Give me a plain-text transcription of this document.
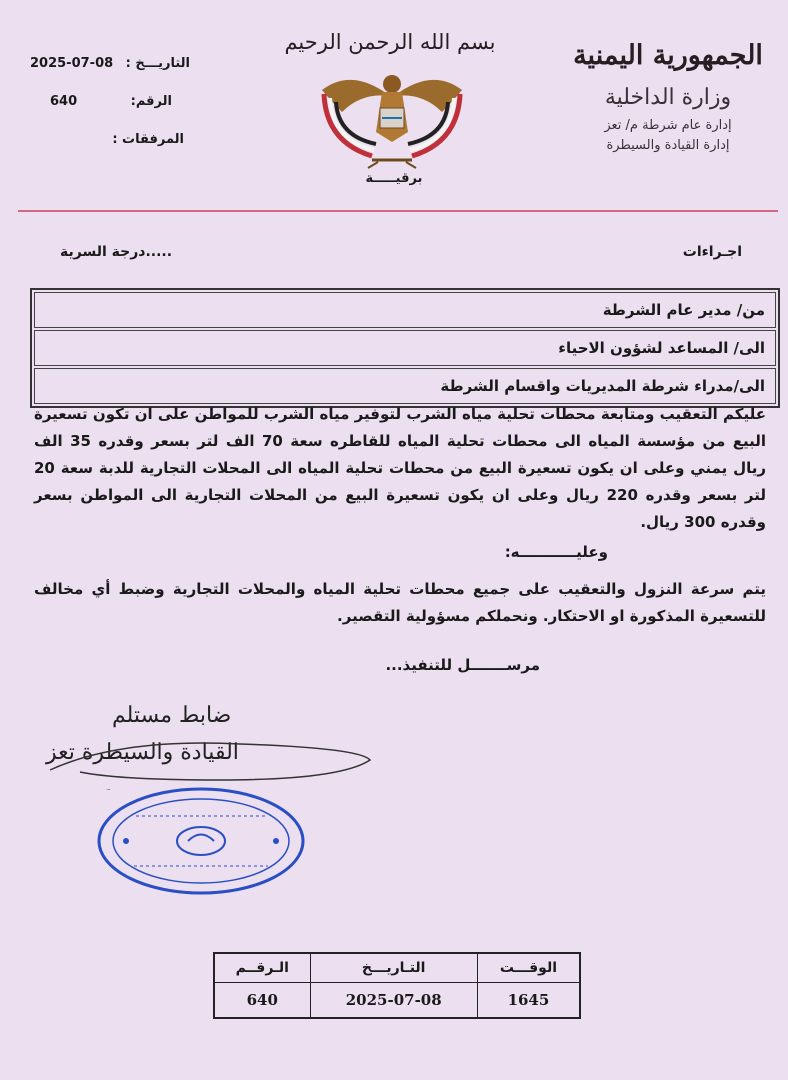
الجمهورية اليمنية
وزارة الداخلية
إدارة عام شرطة م/ تعز
إدارة القيادة والسيطرة
بسم الله الرحمن الرحيم
برقيـــــة
التاريـــخ :
2025-07-08
الرقم:
640
المرفقات :
اجـراءات
درجة السرية.....
من/ مدير عام الشرطة
الى/ المساعد لشؤون الاحياء
الى/مدراء شرطة المديريات واقسام الشرطة
عليكم التعقيب ومتابعة محطات تحلية مياه الشرب لتوفير مياه الشرب للمواطن على ان تكون تسعيرة البيع من مؤسسة المياه الى محطات تحلية المياه للقاطره سعة 70 الف لتر بسعر وقدره 35 الف ريال يمني وعلى ان يكون تسعيرة البيع من محطات تحلية المياه الى المحلات التجارية للدبة سعة 20 لتر بسعر وقدره 220 ريال وعلى ان يكون تسعيرة البيع من المحلات التجارية الى المواطن بسعر وقدره 300 ريال.
وعليـــــــــــه:
يتم سرعة النزول والتعقيب على جميع محطات تحلية المياه والمحلات التجارية وضبط أي مخالف للتسعيرة المذكورة او الاحتكار. ونحملكم مسؤولية التقصير.
مرســـــــل للتنفيذ...
ضابط مستلم
القيادة والسيطرة تعز
الوقـــت	التـاريـــخ	الـرقــم
1645	2025-07-08	640
